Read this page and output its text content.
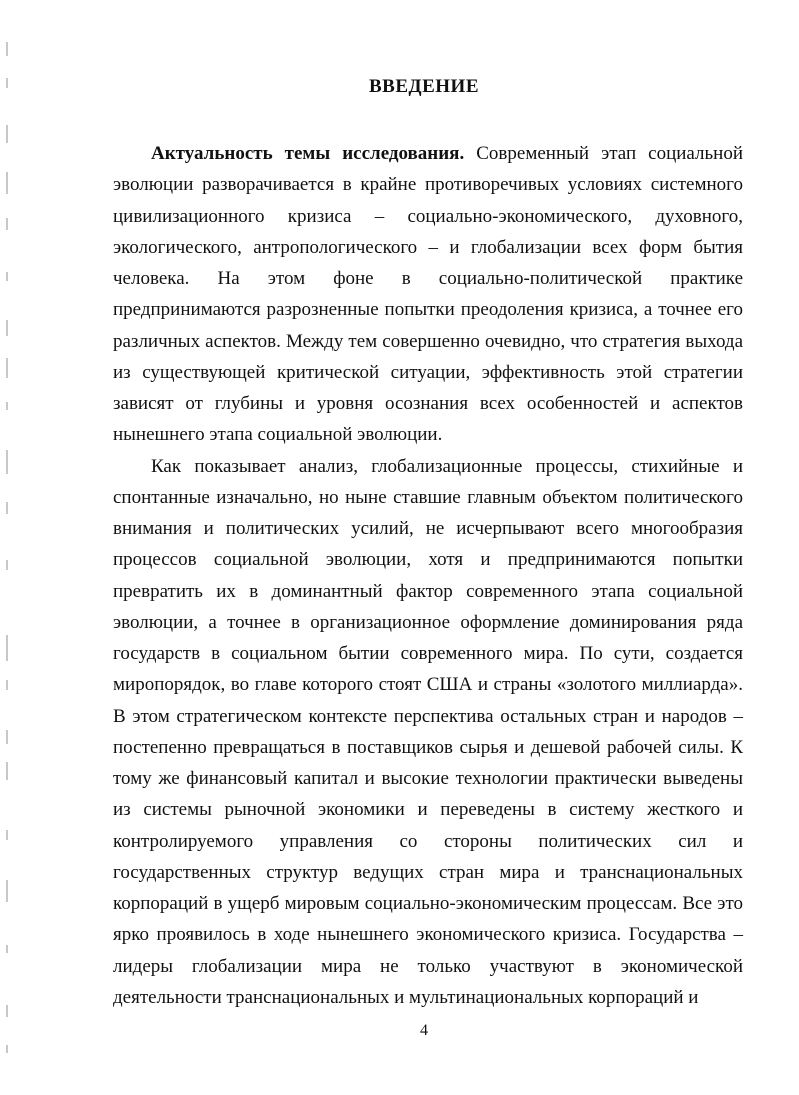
ВВЕДЕНИЕ

Актуальность темы исследования. Современный этап социальной эволюции разворачивается в крайне противоречивых условиях системного цивилизационного кризиса – социально-экономического, духовного, экологического, антропологического – и глобализации всех форм бытия человека. На этом фоне в социально-политической практике предпринимаются разрозненные попытки преодоления кризиса, а точнее его различных аспектов. Между тем совершенно очевидно, что стратегия выхода из существующей критической ситуации, эффективность этой стратегии зависят от глубины и уровня осознания всех особенностей и аспектов нынешнего этапа социальной эволюции.

Как показывает анализ, глобализационные процессы, стихийные и спонтанные изначально, но ныне ставшие главным объектом политического внимания и политических усилий, не исчерпывают всего многообразия процессов социальной эволюции, хотя и предпринимаются попытки превратить их в доминантный фактор современного этапа социальной эволюции, а точнее в организационное оформление доминирования ряда государств в социальном бытии современного мира. По сути, создается миропорядок, во главе которого стоят США и страны «золотого миллиарда». В этом стратегическом контексте перспектива остальных стран и народов – постепенно превращаться в поставщиков сырья и дешевой рабочей силы. К тому же финансовый капитал и высокие технологии практически выведены из системы рыночной экономики и переведены в систему жесткого и контролируемого управления со стороны политических сил и государственных структур ведущих стран мира и транснациональных корпораций в ущерб мировым социально-экономическим процессам. Все это ярко проявилось в ходе нынешнего экономического кризиса. Государства – лидеры глобализации мира не только участвуют в экономической деятельности транснациональных и мультинациональных корпораций и

4
